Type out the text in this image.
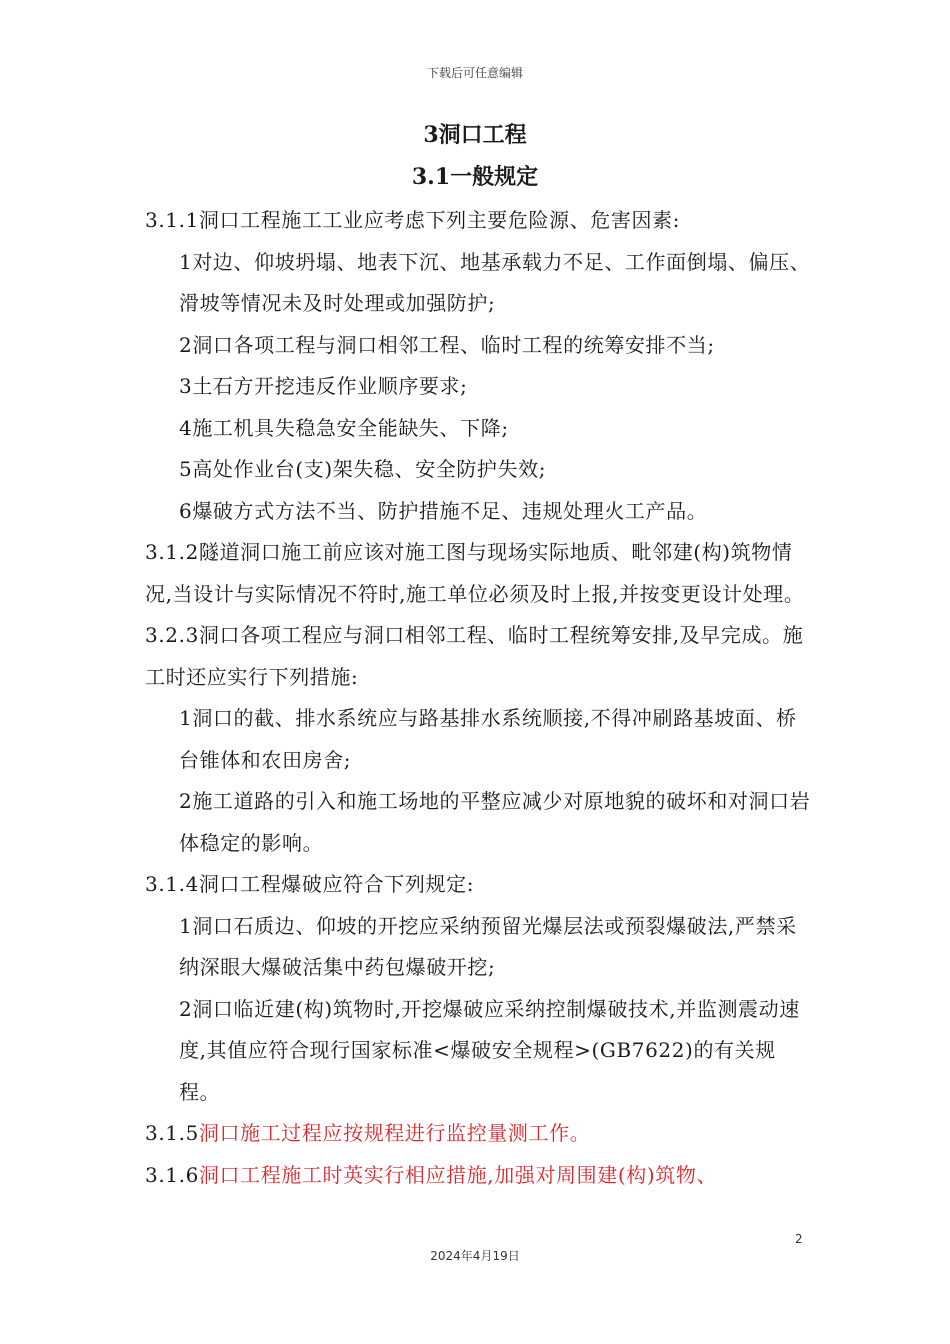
下载后可任意编辑
3洞口工程
3.1一般规定

3.1.1洞口工程施工工业应考虑下列主要危险源、危害因素:

1对边、仰坡坍塌、地表下沉、地基承载力不足、工作面倒塌、偏压、滑坡等情况未及时处理或加强防护;

2洞口各项工程与洞口相邻工程、临时工程的统筹安排不当;

3土石方开挖违反作业顺序要求;

4施工机具失稳急安全能缺失、下降;

5高处作业台(支)架失稳、安全防护失效;

6爆破方式方法不当、防护措施不足、违规处理火工产品。

3.1.2隧道洞口施工前应该对施工图与现场实际地质、毗邻建(构)筑物情况,当设计与实际情况不符时,施工单位必须及时上报,并按变更设计处理。

3.2.3洞口各项工程应与洞口相邻工程、临时工程统筹安排,及早完成。施工时还应实行下列措施:

1洞口的截、排水系统应与路基排水系统顺接,不得冲刷路基坡面、桥台锥体和农田房舍;

2施工道路的引入和施工场地的平整应减少对原地貌的破坏和对洞口岩体稳定的影响。

3.1.4洞口工程爆破应符合下列规定:

1洞口石质边、仰坡的开挖应采纳预留光爆层法或预裂爆破法,严禁采纳深眼大爆破活集中药包爆破开挖;

2洞口临近建(构)筑物时,开挖爆破应采纳控制爆破技术,并监测震动速度,其值应符合现行国家标准<爆破安全规程>(GB7622)的有关规程。

3.1.5洞口施工过程应按规程进行监控量测工作。

3.1.6洞口工程施工时英实行相应措施,加强对周围建(构)筑物、

2
2024年4月19日
